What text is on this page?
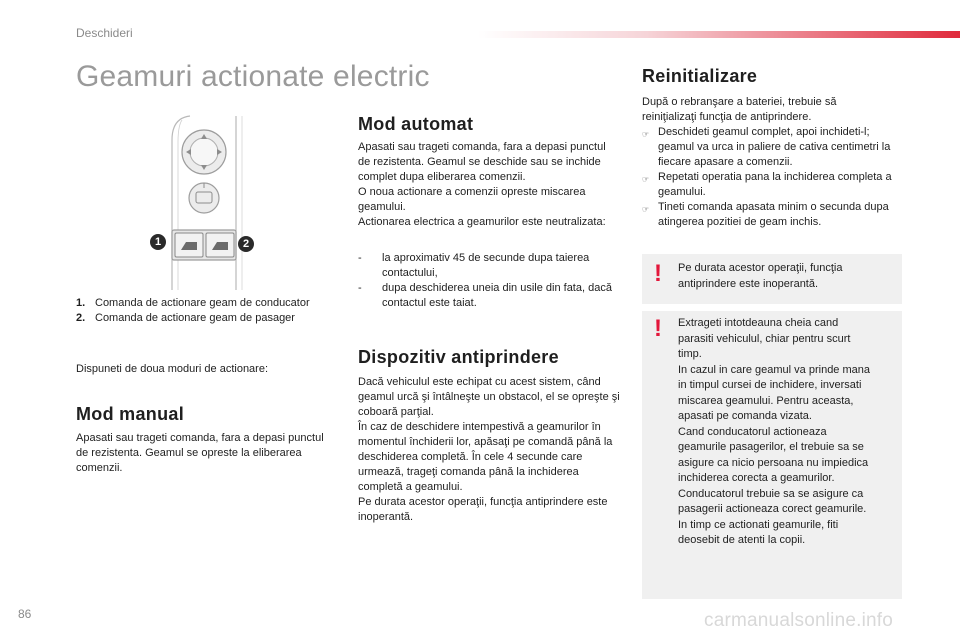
Deschideri
Geamuri actionate electric
1	2
1. Comanda de actionare geam de conducator
2. Comanda de actionare geam de pasager

Dispuneti de doua moduri de actionare:

Mod manual

Apasati sau trageti comanda, fara a depasi punctul de rezistenta. Geamul se opreste la eliberarea comenzii.

Mod automat

Apasati sau trageti comanda, fara a depasi punctul de rezistenta. Geamul se deschide sau se inchide complet dupa eliberarea comenzii.
O noua actionare a comenzii opreste miscarea geamului.
Actionarea electrica a geamurilor este neutralizata:

-	la aproximativ 45 de secunde dupa taierea contactului,
-	dupa deschiderea uneia din usile din fata, dacă contactul este taiat.
Dispozitiv antiprindere

Dacă vehiculul este echipat cu acest sistem, când geamul urcă şi întâlneşte un obstacol, el se opreşte şi coboară parţial.
În caz de deschidere intempestivă a geamurilor în momentul închiderii lor, apăsaţi pe comandă până la deschiderea completă. În cele 4 secunde care urmează, trageţi comanda până la inchiderea completă a geamului.
Pe durata acestor operaţii, funcţia antiprindere este inoperantă.

Reinitializare

După o rebranşare a bateriei, trebuie să reiniţializaţi funcţia de antiprindere.

☞ Deschideti geamul complet, apoi inchideti-l; geamul va urca in paliere de cativa centimetri la fiecare apasare a comenzii.
☞ Repetati operatia pana la inchiderea completa a geamului.
☞ Tineti comanda apasata minim o secunda dupa atingerea pozitiei de geam inchis.
! Pe durata acestor operaţii, funcţia
antiprindere este inoperantă.
! Extrageti intotdeauna cheia cand
parasiti vehiculul, chiar pentru scurt
timp.
In cazul in care geamul va prinde mana
in timpul cursei de inchidere, inversati
miscarea geamului. Pentru aceasta,
apasati pe comanda vizata.
Cand conducatorul actioneaza
geamurile pasagerilor, el trebuie sa se
asigure ca nicio persoana nu impiedica
inchiderea corecta a geamurilor.
Conducatorul trebuie sa se asigure ca
pasagerii actioneaza corect geamurile.
In timp ce actionati geamurile, fiti
deosebit de atenti la copii.
86	carmanualsonline.info
